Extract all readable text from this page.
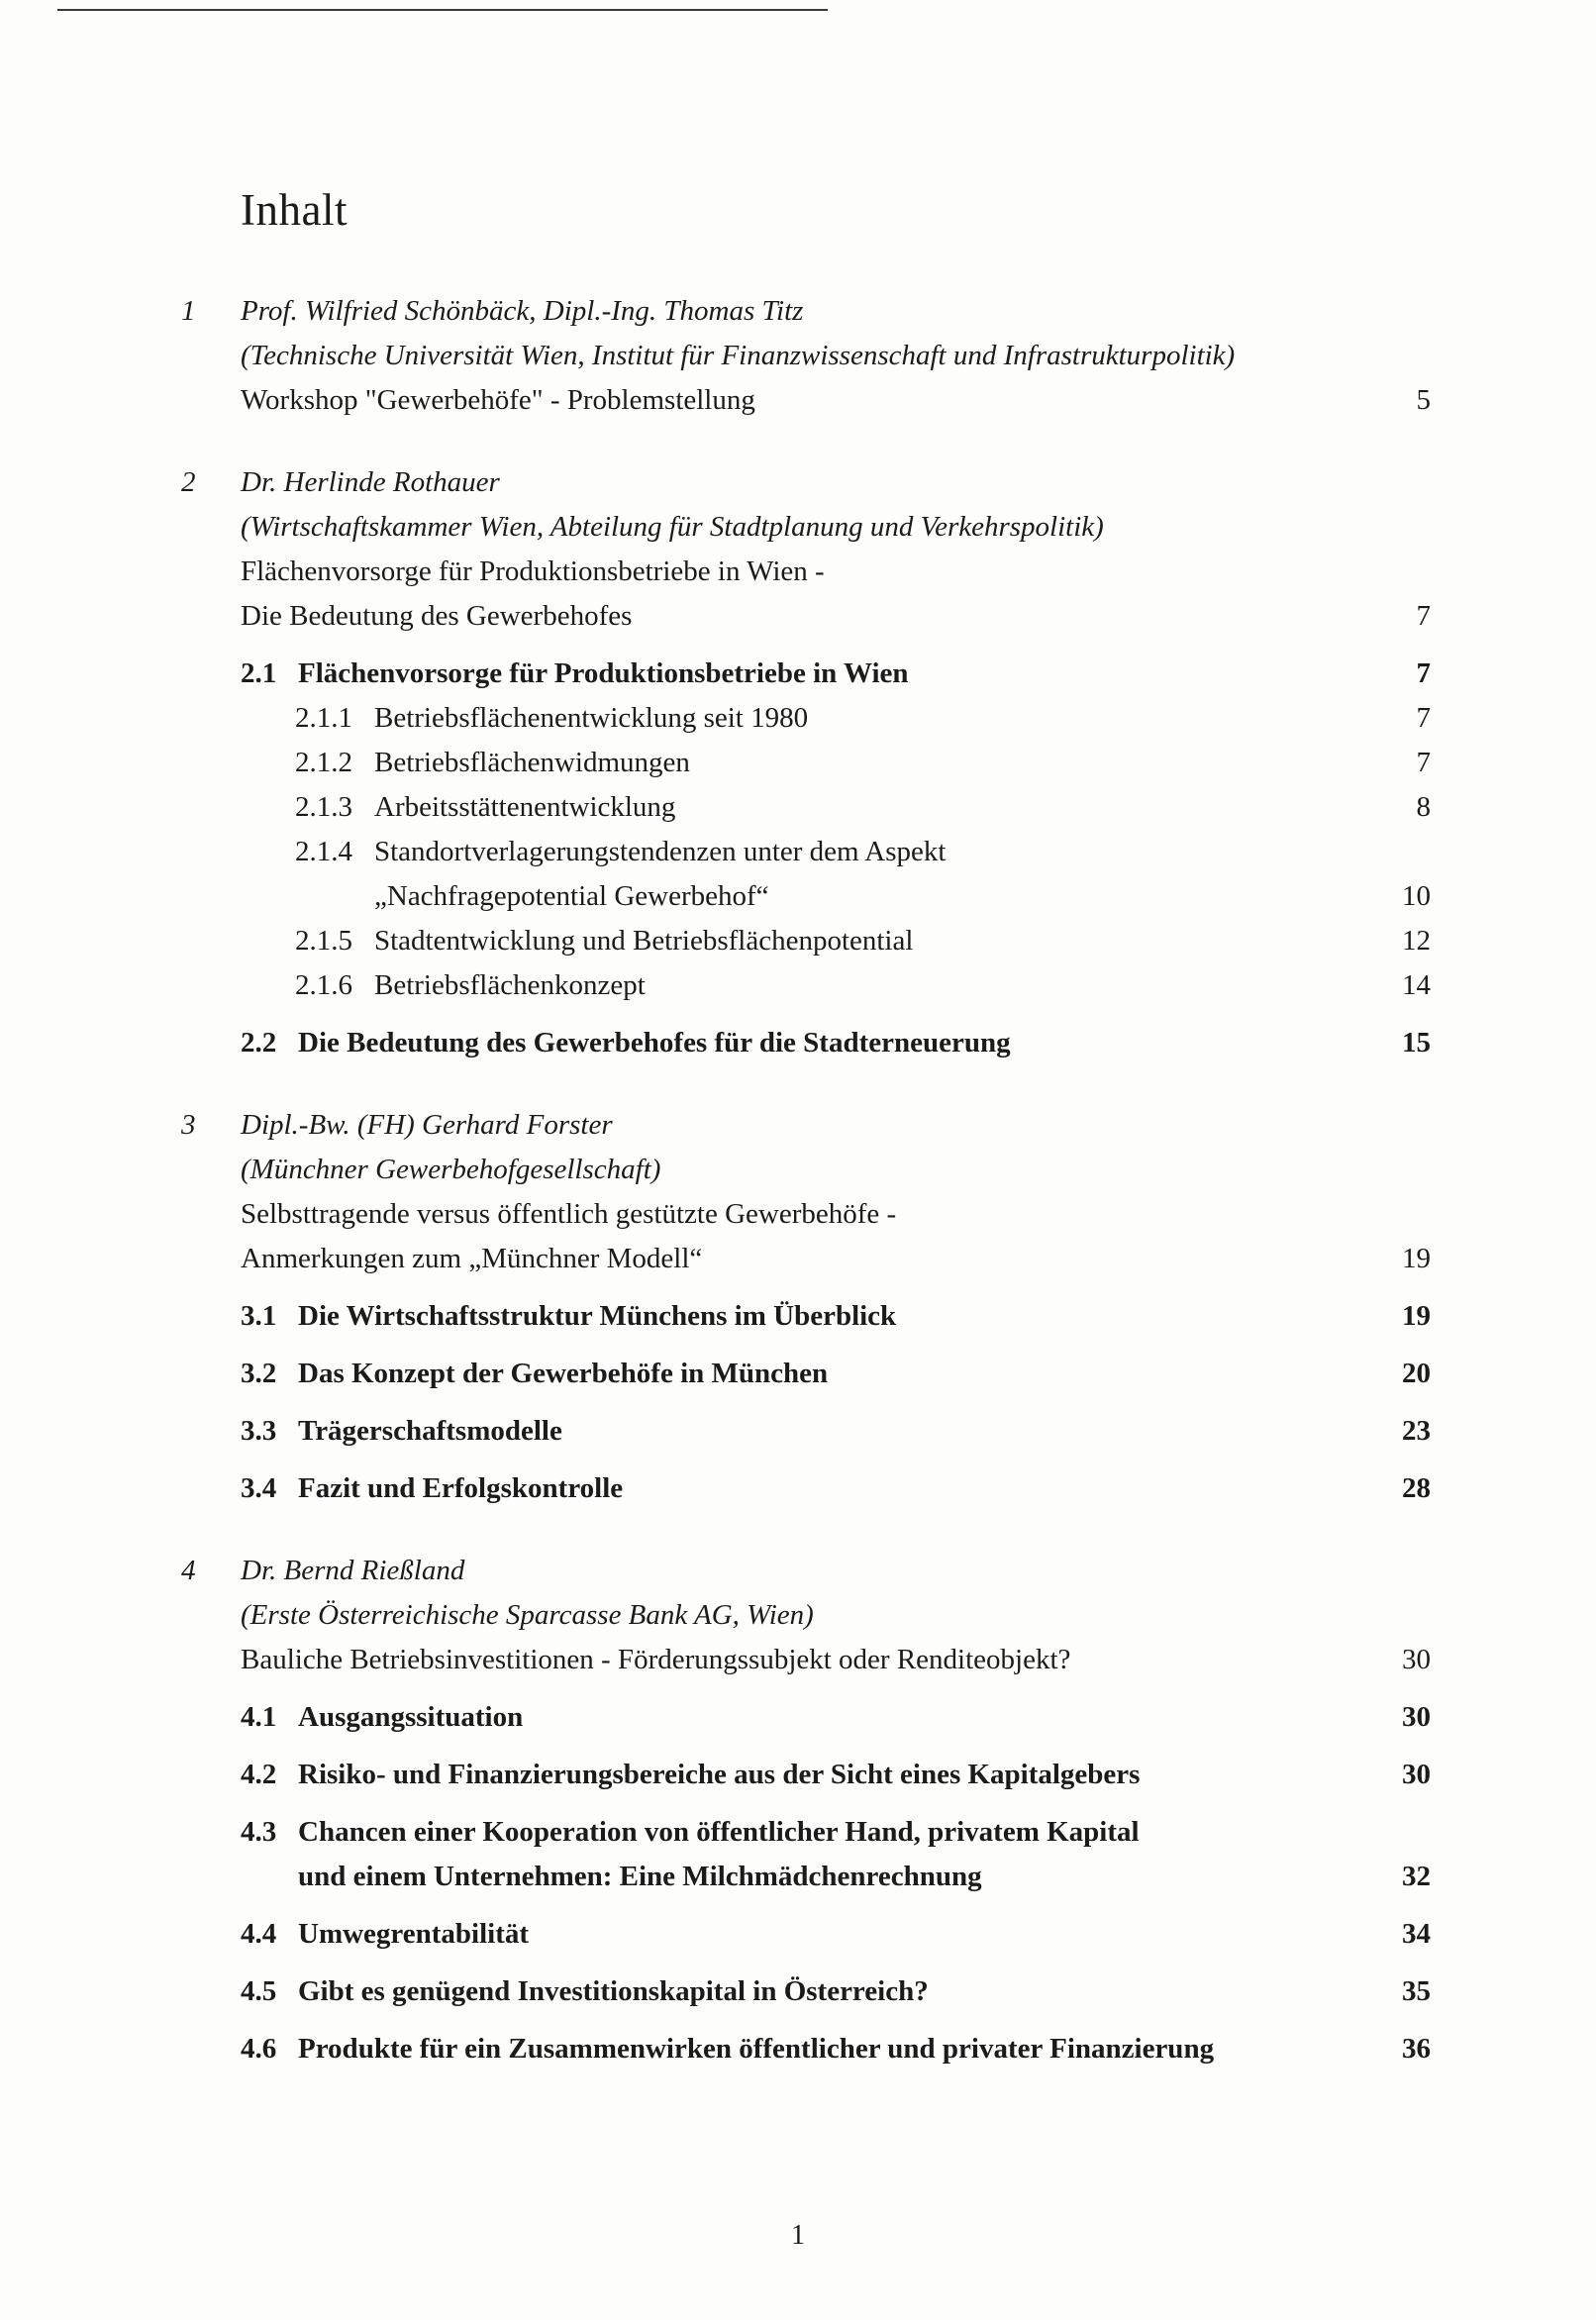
Inhalt
1 Prof. Wilfried Schönbäck, Dipl.-Ing. Thomas Titz
(Technische Universität Wien, Institut für Finanzwissenschaft und Infrastrukturpolitik)
Workshop "Gewerbehöfe" - Problemstellung	5
2 Dr. Herlinde Rothauer
(Wirtschaftskammer Wien, Abteilung für Stadtplanung und Verkehrspolitik)
Flächenvorsorge für Produktionsbetriebe in Wien -
Die Bedeutung des Gewerbehofes	7
2.1 Flächenvorsorge für Produktionsbetriebe in Wien	7
2.1.1 Betriebsflächenentwicklung seit 1980	7
2.1.2 Betriebsflächenwidmungen	7
2.1.3 Arbeitsstättenentwicklung	8
2.1.4 Standortverlagerungstendenzen unter dem Aspekt
„Nachfragepotential Gewerbehof“	10
2.1.5 Stadtentwicklung und Betriebsflächenpotential	12
2.1.6 Betriebsflächenkonzept	14
2.2 Die Bedeutung des Gewerbehofes für die Stadterneuerung	15
3 Dipl.-Bw. (FH) Gerhard Forster
(Münchner Gewerbehofgesellschaft)
Selbsttragende versus öffentlich gestützte Gewerbehöfe -
Anmerkungen zum „Münchner Modell“	19
3.1 Die Wirtschaftsstruktur Münchens im Überblick	19
3.2 Das Konzept der Gewerbehöfe in München	20
3.3 Trägerschaftsmodelle	23
3.4 Fazit und Erfolgskontrolle	28
4 Dr. Bernd Rießland
(Erste Österreichische Sparcasse Bank AG, Wien)
Bauliche Betriebsinvestitionen - Förderungssubjekt oder Renditeobjekt?	30
4.1 Ausgangssituation	30
4.2 Risiko- und Finanzierungsbereiche aus der Sicht eines Kapitalgebers	30
4.3 Chancen einer Kooperation von öffentlicher Hand, privatem Kapital
und einem Unternehmen: Eine Milchmädchenrechnung	32
4.4 Umwegrentabilität	34
4.5 Gibt es genügend Investitionskapital in Österreich?	35
4.6 Produkte für ein Zusammenwirken öffentlicher und privater Finanzierung	36
1
